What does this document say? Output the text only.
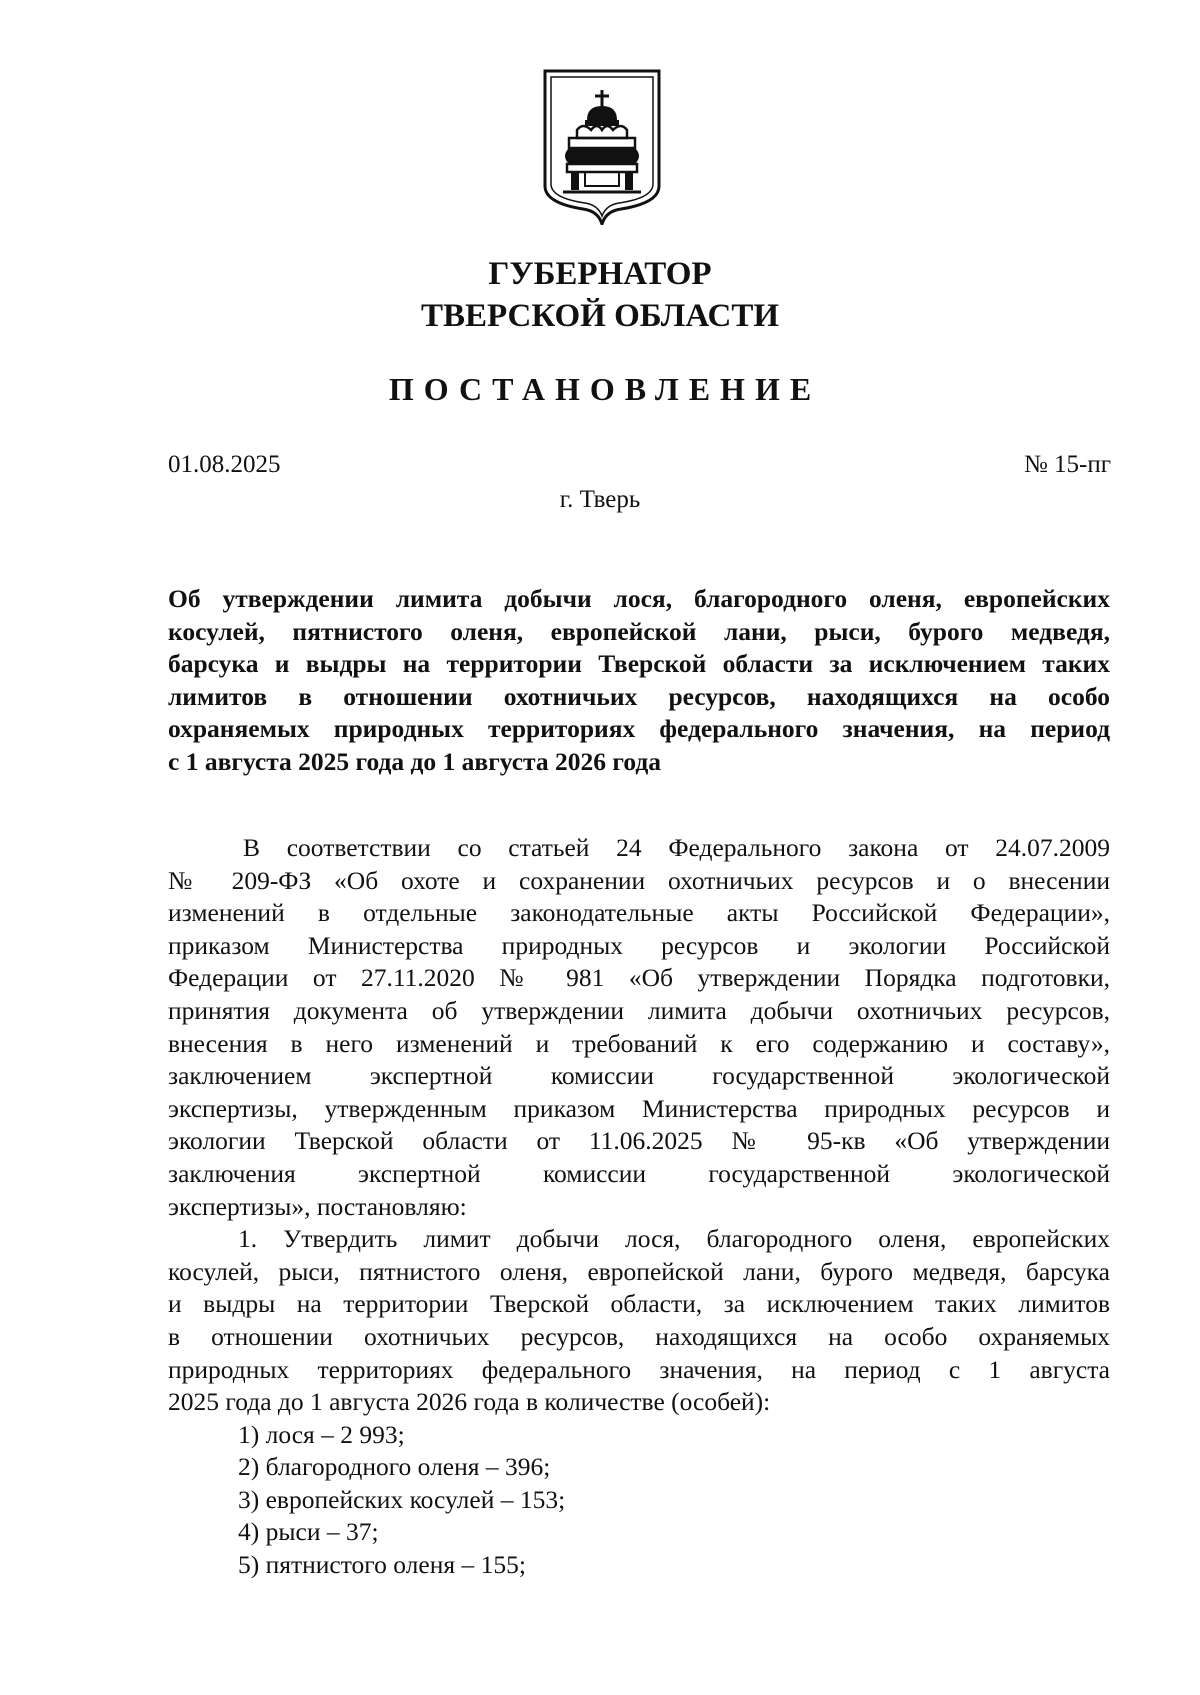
ГУБЕРНАТОР
ТВЕРСКОЙ ОБЛАСТИ
ПОСТАНОВЛЕНИЕ
01.08.2025	№ 15-пг
г. Тверь
Об утверждении лимита добычи лося, благородного оленя, европейских
косулей, пятнистого оленя, европейской лани, рыси, бурого медведя,
барсука и выдры на территории Тверской области за исключением таких
лимитов в отношении охотничьих ресурсов, находящихся на особо
охраняемых природных территориях федерального значения, на период
с 1 августа 2025 года до 1 августа 2026 года
В соответствии со статьей 24 Федерального закона от 24.07.2009
№ 209-ФЗ «Об охоте и сохранении охотничьих ресурсов и о внесении
изменений в отдельные законодательные акты Российской Федерации»,
приказом Министерства природных ресурсов и экологии Российской
Федерации от 27.11.2020 № 981 «Об утверждении Порядка подготовки,
принятия документа об утверждении лимита добычи охотничьих ресурсов,
внесения в него изменений и требований к его содержанию и составу»,
заключением экспертной комиссии государственной экологической
экспертизы, утвержденным приказом Министерства природных ресурсов и
экологии Тверской области от 11.06.2025 № 95-кв «Об утверждении
заключения экспертной комиссии государственной экологической
экспертизы», постановляю:
1. Утвердить лимит добычи лося, благородного оленя, европейских
косулей, рыси, пятнистого оленя, европейской лани, бурого медведя, барсука
и выдры на территории Тверской области, за исключением таких лимитов
в отношении охотничьих ресурсов, находящихся на особо охраняемых
природных территориях федерального значения, на период с 1 августа
2025 года до 1 августа 2026 года в количестве (особей):
1) лося – 2 993;
2) благородного оленя – 396;
3) европейских косулей – 153;
4) рыси – 37;
5) пятнистого оленя – 155;
